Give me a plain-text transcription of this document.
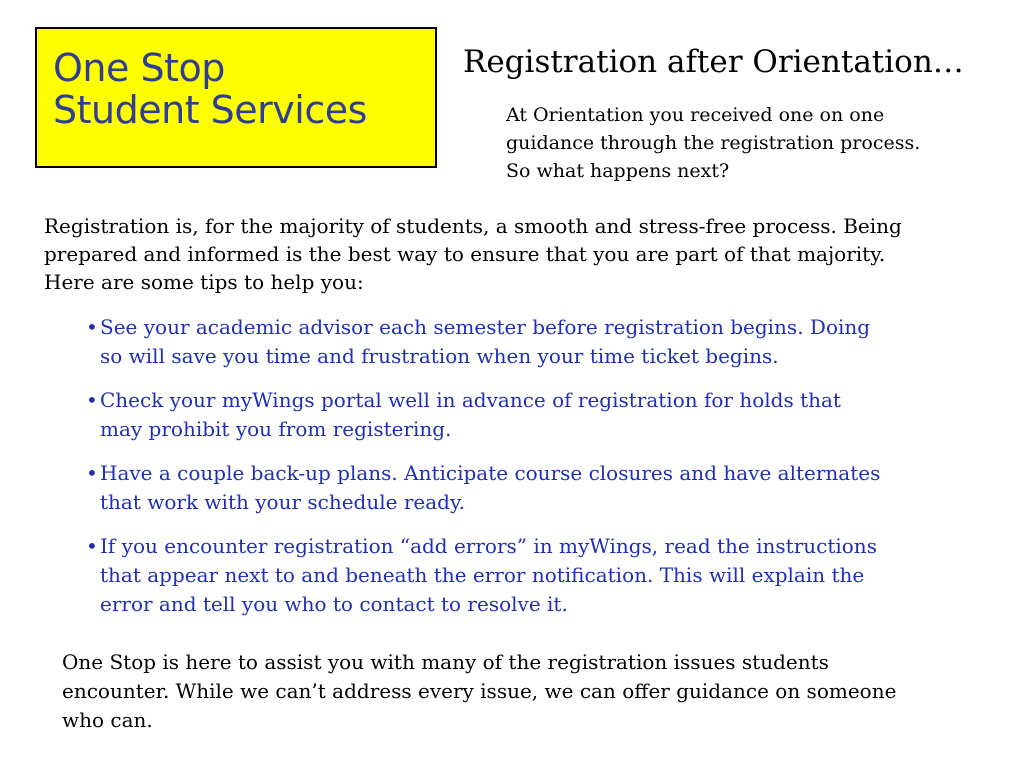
One Stop
Student Services
Registration after Orientation…
At Orientation you received one on one
guidance through the registration process.
So what happens next?
Registration is, for the majority of students, a smooth and stress-free process. Being
prepared and informed is the best way to ensure that you are part of that majority.
Here are some tips to help you:
• See your academic advisor each semester before registration begins. Doing
so will save you time and frustration when your time ticket begins.
• Check your myWings portal well in advance of registration for holds that
may prohibit you from registering.
• Have a couple back-up plans. Anticipate course closures and have alternates
that work with your schedule ready.
• If you encounter registration “add errors” in myWings, read the instructions
that appear next to and beneath the error notification. This will explain the
error and tell you who to contact to resolve it.
One Stop is here to assist you with many of the registration issues students
encounter. While we can’t address every issue, we can offer guidance on someone
who can.
